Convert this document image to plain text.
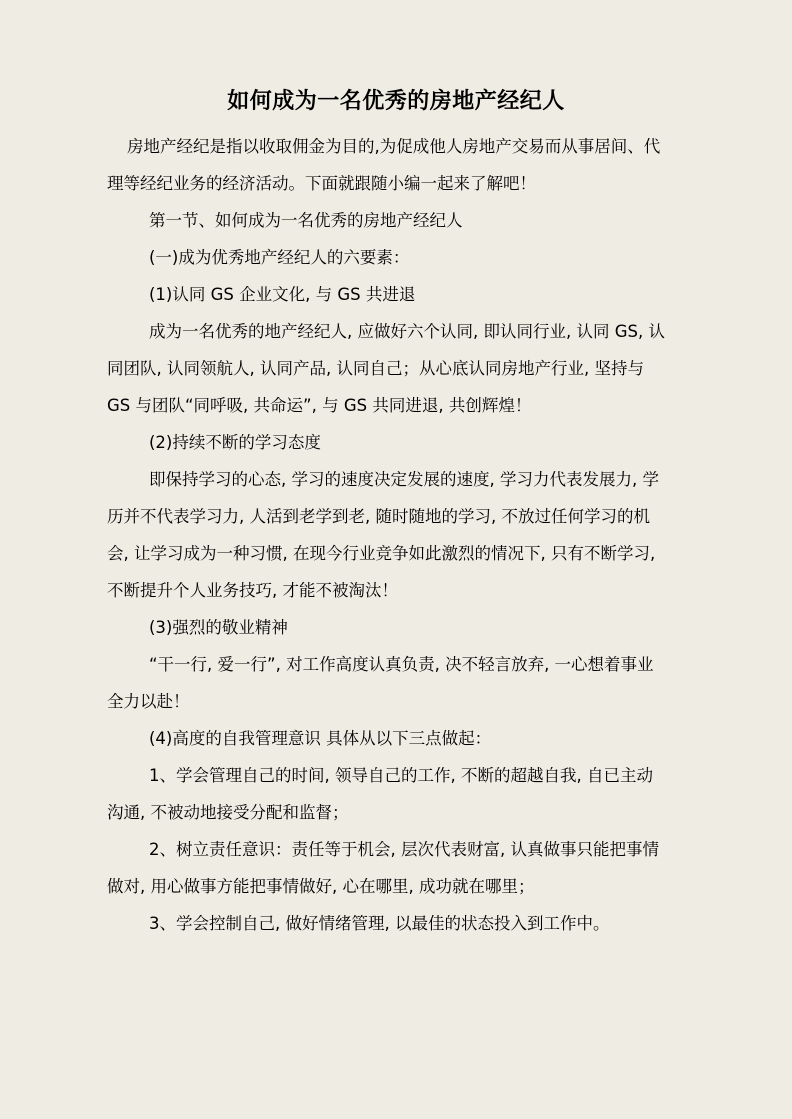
如何成为一名优秀的房地产经纪人

房地产经纪是指以收取佣金为目的,为促成他人房地产交易而从事居间、代理等经纪业务的经济活动。下面就跟随小编一起来了解吧！

第一节、如何成为一名优秀的房地产经纪人

(一)成为优秀地产经纪人的六要素：

(1)认同 GS 企业文化, 与 GS 共进退

成为一名优秀的地产经纪人, 应做好六个认同, 即认同行业, 认同 GS, 认同团队, 认同领航人, 认同产品, 认同自己；从心底认同房地产行业, 坚持与 GS 与团队“同呼吸, 共命运”, 与 GS 共同进退, 共创辉煌！

(2)持续不断的学习态度

即保持学习的心态, 学习的速度决定发展的速度, 学习力代表发展力, 学历并不代表学习力, 人活到老学到老, 随时随地的学习, 不放过任何学习的机会, 让学习成为一种习惯, 在现今行业竞争如此激烈的情况下, 只有不断学习, 不断提升个人业务技巧, 才能不被淘汰！

(3)强烈的敬业精神

“干一行, 爱一行”, 对工作高度认真负责, 决不轻言放弃, 一心想着事业全力以赴！

(4)高度的自我管理意识 具体从以下三点做起：

1、学会管理自己的时间, 领导自己的工作, 不断的超越自我, 自已主动沟通, 不被动地接受分配和监督；

2、树立责任意识：责任等于机会, 层次代表财富, 认真做事只能把事情做对, 用心做事方能把事情做好, 心在哪里, 成功就在哪里；

3、学会控制自己, 做好情绪管理, 以最佳的状态投入到工作中。
